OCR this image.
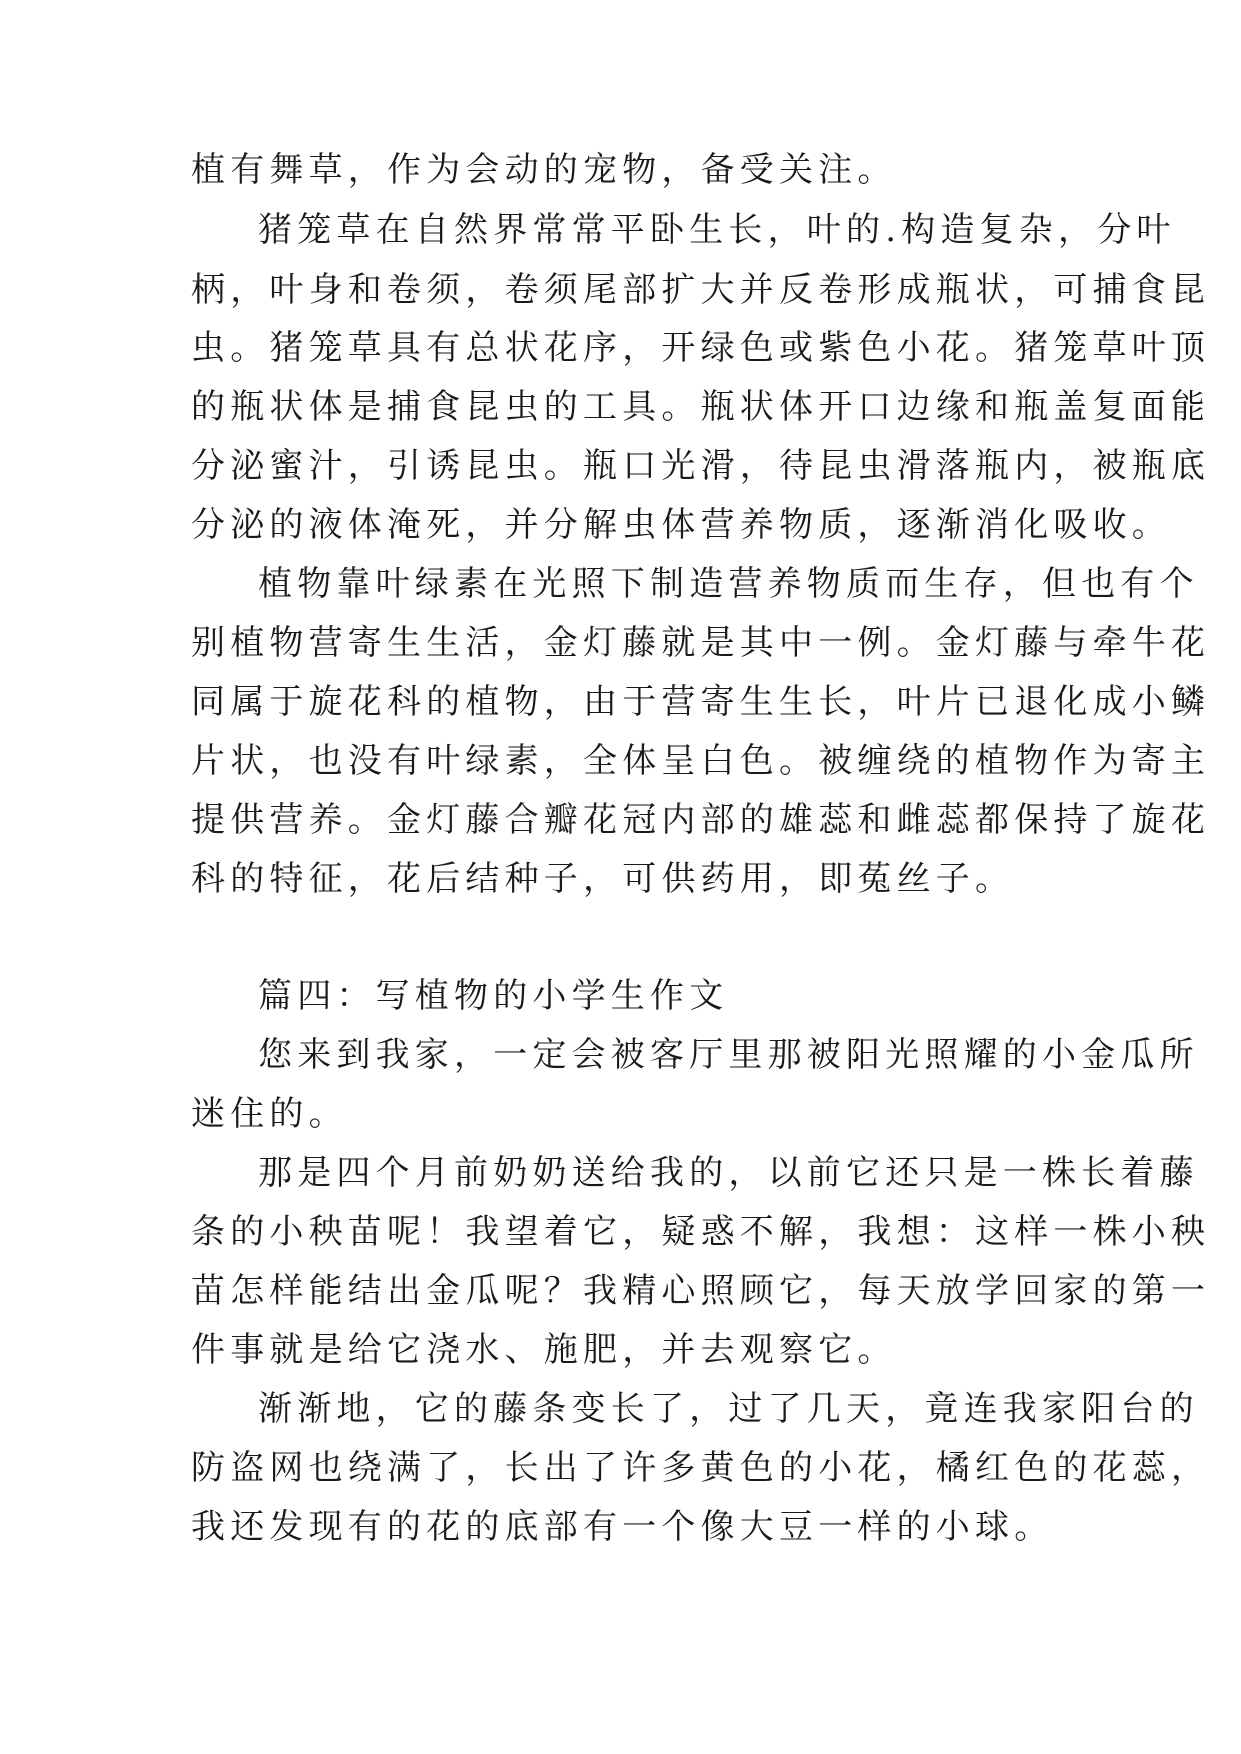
植有舞草，作为会动的宠物，备受关注。
猪笼草在自然界常常平卧生长，叶的.构造复杂，分叶
柄，叶身和卷须，卷须尾部扩大并反卷形成瓶状，可捕食昆
虫。猪笼草具有总状花序，开绿色或紫色小花。猪笼草叶顶
的瓶状体是捕食昆虫的工具。瓶状体开口边缘和瓶盖复面能
分泌蜜汁，引诱昆虫。瓶口光滑，待昆虫滑落瓶内，被瓶底
分泌的液体淹死，并分解虫体营养物质，逐渐消化吸收。
植物靠叶绿素在光照下制造营养物质而生存，但也有个
别植物营寄生生活，金灯藤就是其中一例。金灯藤与牵牛花
同属于旋花科的植物，由于营寄生生长，叶片已退化成小鳞
片状，也没有叶绿素，全体呈白色。被缠绕的植物作为寄主
提供营养。金灯藤合瓣花冠内部的雄蕊和雌蕊都保持了旋花
科的特征，花后结种子，可供药用，即菟丝子。
篇四：写植物的小学生作文
您来到我家，一定会被客厅里那被阳光照耀的小金瓜所
迷住的。
那是四个月前奶奶送给我的，以前它还只是一株长着藤
条的小秧苗呢！我望着它，疑惑不解，我想：这样一株小秧
苗怎样能结出金瓜呢？我精心照顾它，每天放学回家的第一
件事就是给它浇水、施肥，并去观察它。
渐渐地，它的藤条变长了，过了几天，竟连我家阳台的
防盗网也绕满了，长出了许多黄色的小花，橘红色的花蕊，
我还发现有的花的底部有一个像大豆一样的小球。
